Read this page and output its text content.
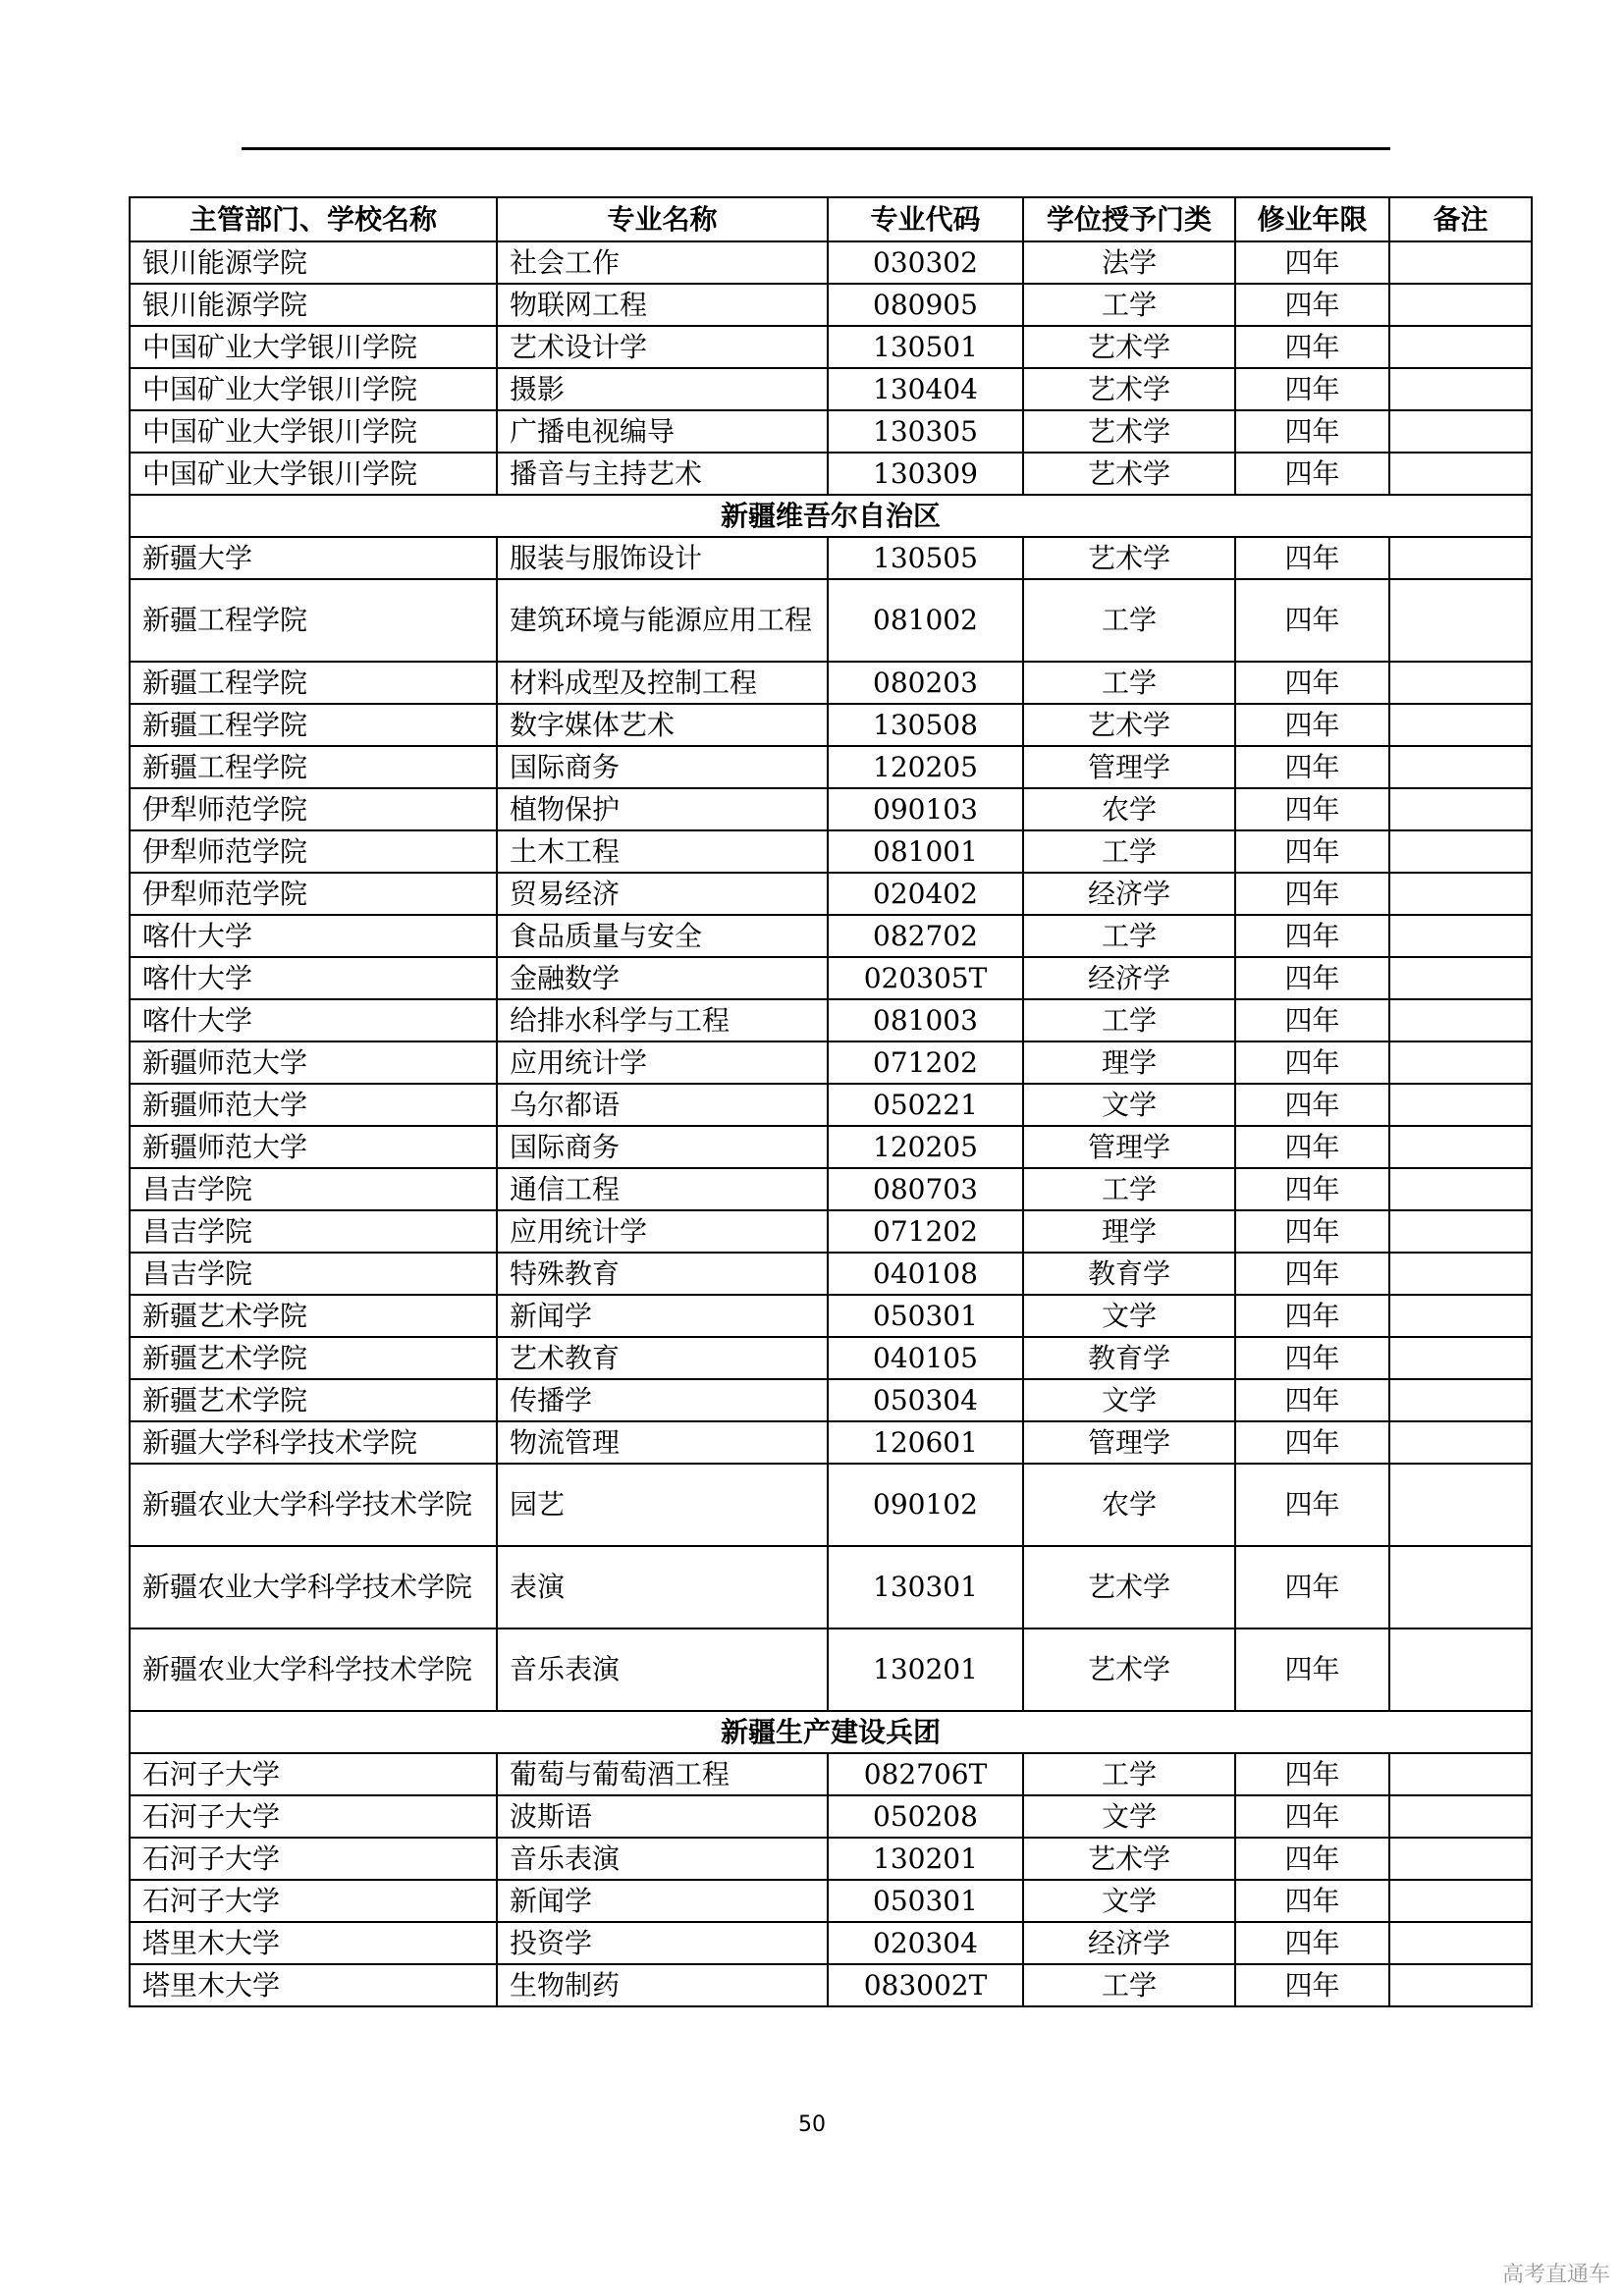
主管部门、学校名称	专业名称	专业代码	学位授予门类	修业年限	备注
银川能源学院	社会工作	030302	法学	四年	
银川能源学院	物联网工程	080905	工学	四年	
中国矿业大学银川学院	艺术设计学	130501	艺术学	四年	
中国矿业大学银川学院	摄影	130404	艺术学	四年	
中国矿业大学银川学院	广播电视编导	130305	艺术学	四年	
中国矿业大学银川学院	播音与主持艺术	130309	艺术学	四年	
新疆维吾尔自治区					
新疆大学	服装与服饰设计	130505	艺术学	四年	
新疆工程学院	建筑环境与能源应用工程	081002	工学	四年	
新疆工程学院	材料成型及控制工程	080203	工学	四年	
新疆工程学院	数字媒体艺术	130508	艺术学	四年	
新疆工程学院	国际商务	120205	管理学	四年	
伊犁师范学院	植物保护	090103	农学	四年	
伊犁师范学院	土木工程	081001	工学	四年	
伊犁师范学院	贸易经济	020402	经济学	四年	
喀什大学	食品质量与安全	082702	工学	四年	
喀什大学	金融数学	020305T	经济学	四年	
喀什大学	给排水科学与工程	081003	工学	四年	
新疆师范大学	应用统计学	071202	理学	四年	
新疆师范大学	乌尔都语	050221	文学	四年	
新疆师范大学	国际商务	120205	管理学	四年	
昌吉学院	通信工程	080703	工学	四年	
昌吉学院	应用统计学	071202	理学	四年	
昌吉学院	特殊教育	040108	教育学	四年	
新疆艺术学院	新闻学	050301	文学	四年	
新疆艺术学院	艺术教育	040105	教育学	四年	
新疆艺术学院	传播学	050304	文学	四年	
新疆大学科学技术学院	物流管理	120601	管理学	四年	
新疆农业大学科学技术学院	园艺	090102	农学	四年	
新疆农业大学科学技术学院	表演	130301	艺术学	四年	
新疆农业大学科学技术学院	音乐表演	130201	艺术学	四年	
新疆生产建设兵团					
石河子大学	葡萄与葡萄酒工程	082706T	工学	四年	
石河子大学	波斯语	050208	文学	四年	
石河子大学	音乐表演	130201	艺术学	四年	
石河子大学	新闻学	050301	文学	四年	
塔里木大学	投资学	020304	经济学	四年	
塔里木大学	生物制药	083002T	工学	四年	
50
高考直通车
